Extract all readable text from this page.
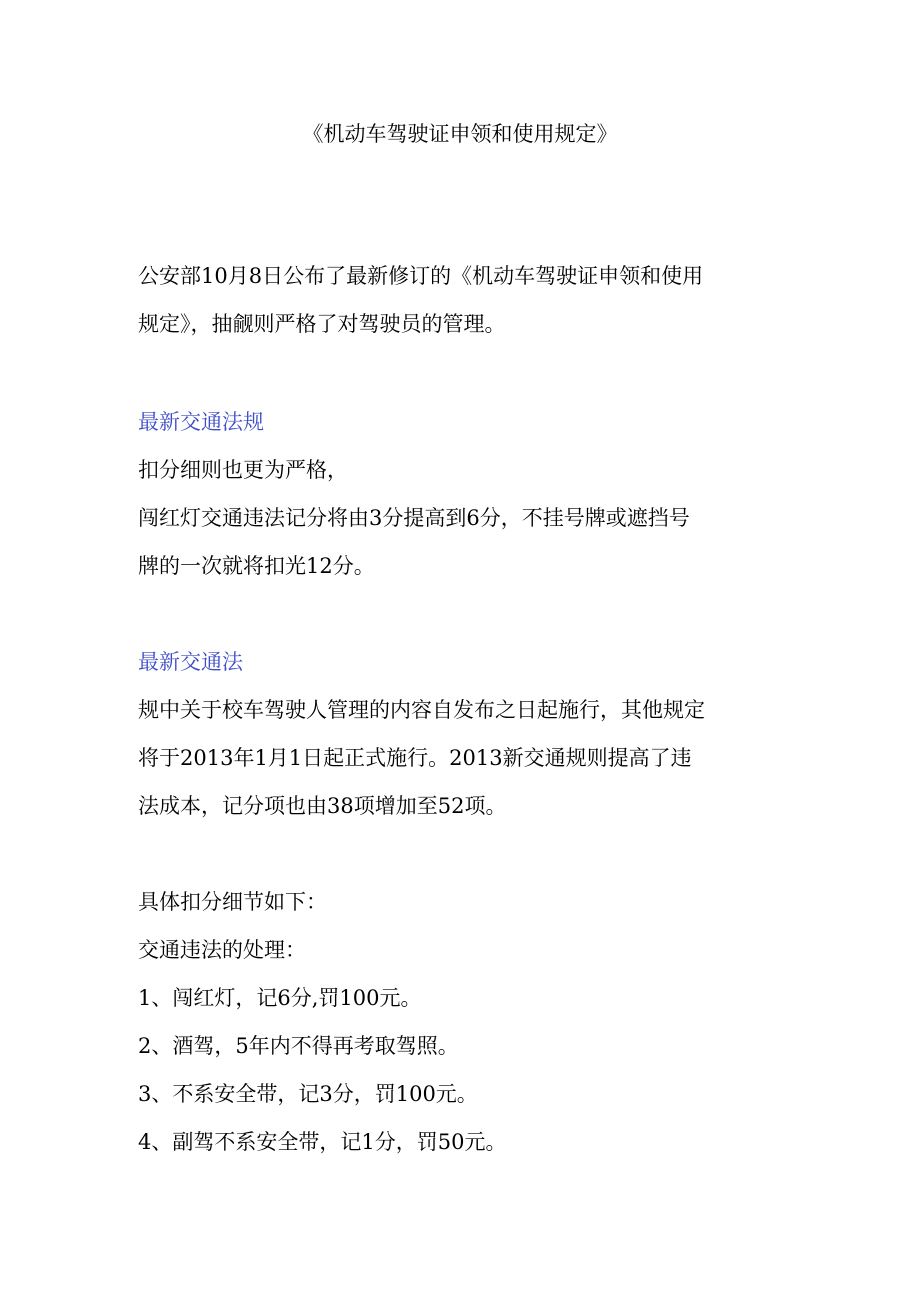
《机动车驾驶证申领和使用规定》
公安部10月8日公布了最新修订的《机动车驾驶证申领和使用
规定》，抽觎则严格了对驾驶员的管理。
最新交通法规
扣分细则也更为严格，
闯红灯交通违法记分将由3分提高到6分，不挂号牌或遮挡号
牌的一次就将扣光12分。
最新交通法
规中关于校车驾驶人管理的内容自发布之日起施行，其他规定
将于2013年1月1日起正式施行。2013新交通规则提高了违
法成本，记分项也由38项增加至52项。
具体扣分细节如下：
交通违法的处理：
1、闯红灯，记6分,罚100元。
2、酒驾，5年内不得再考取驾照。
3、不系安全带，记3分，罚100元。
4、副驾不系安全带，记1分，罚50元。
